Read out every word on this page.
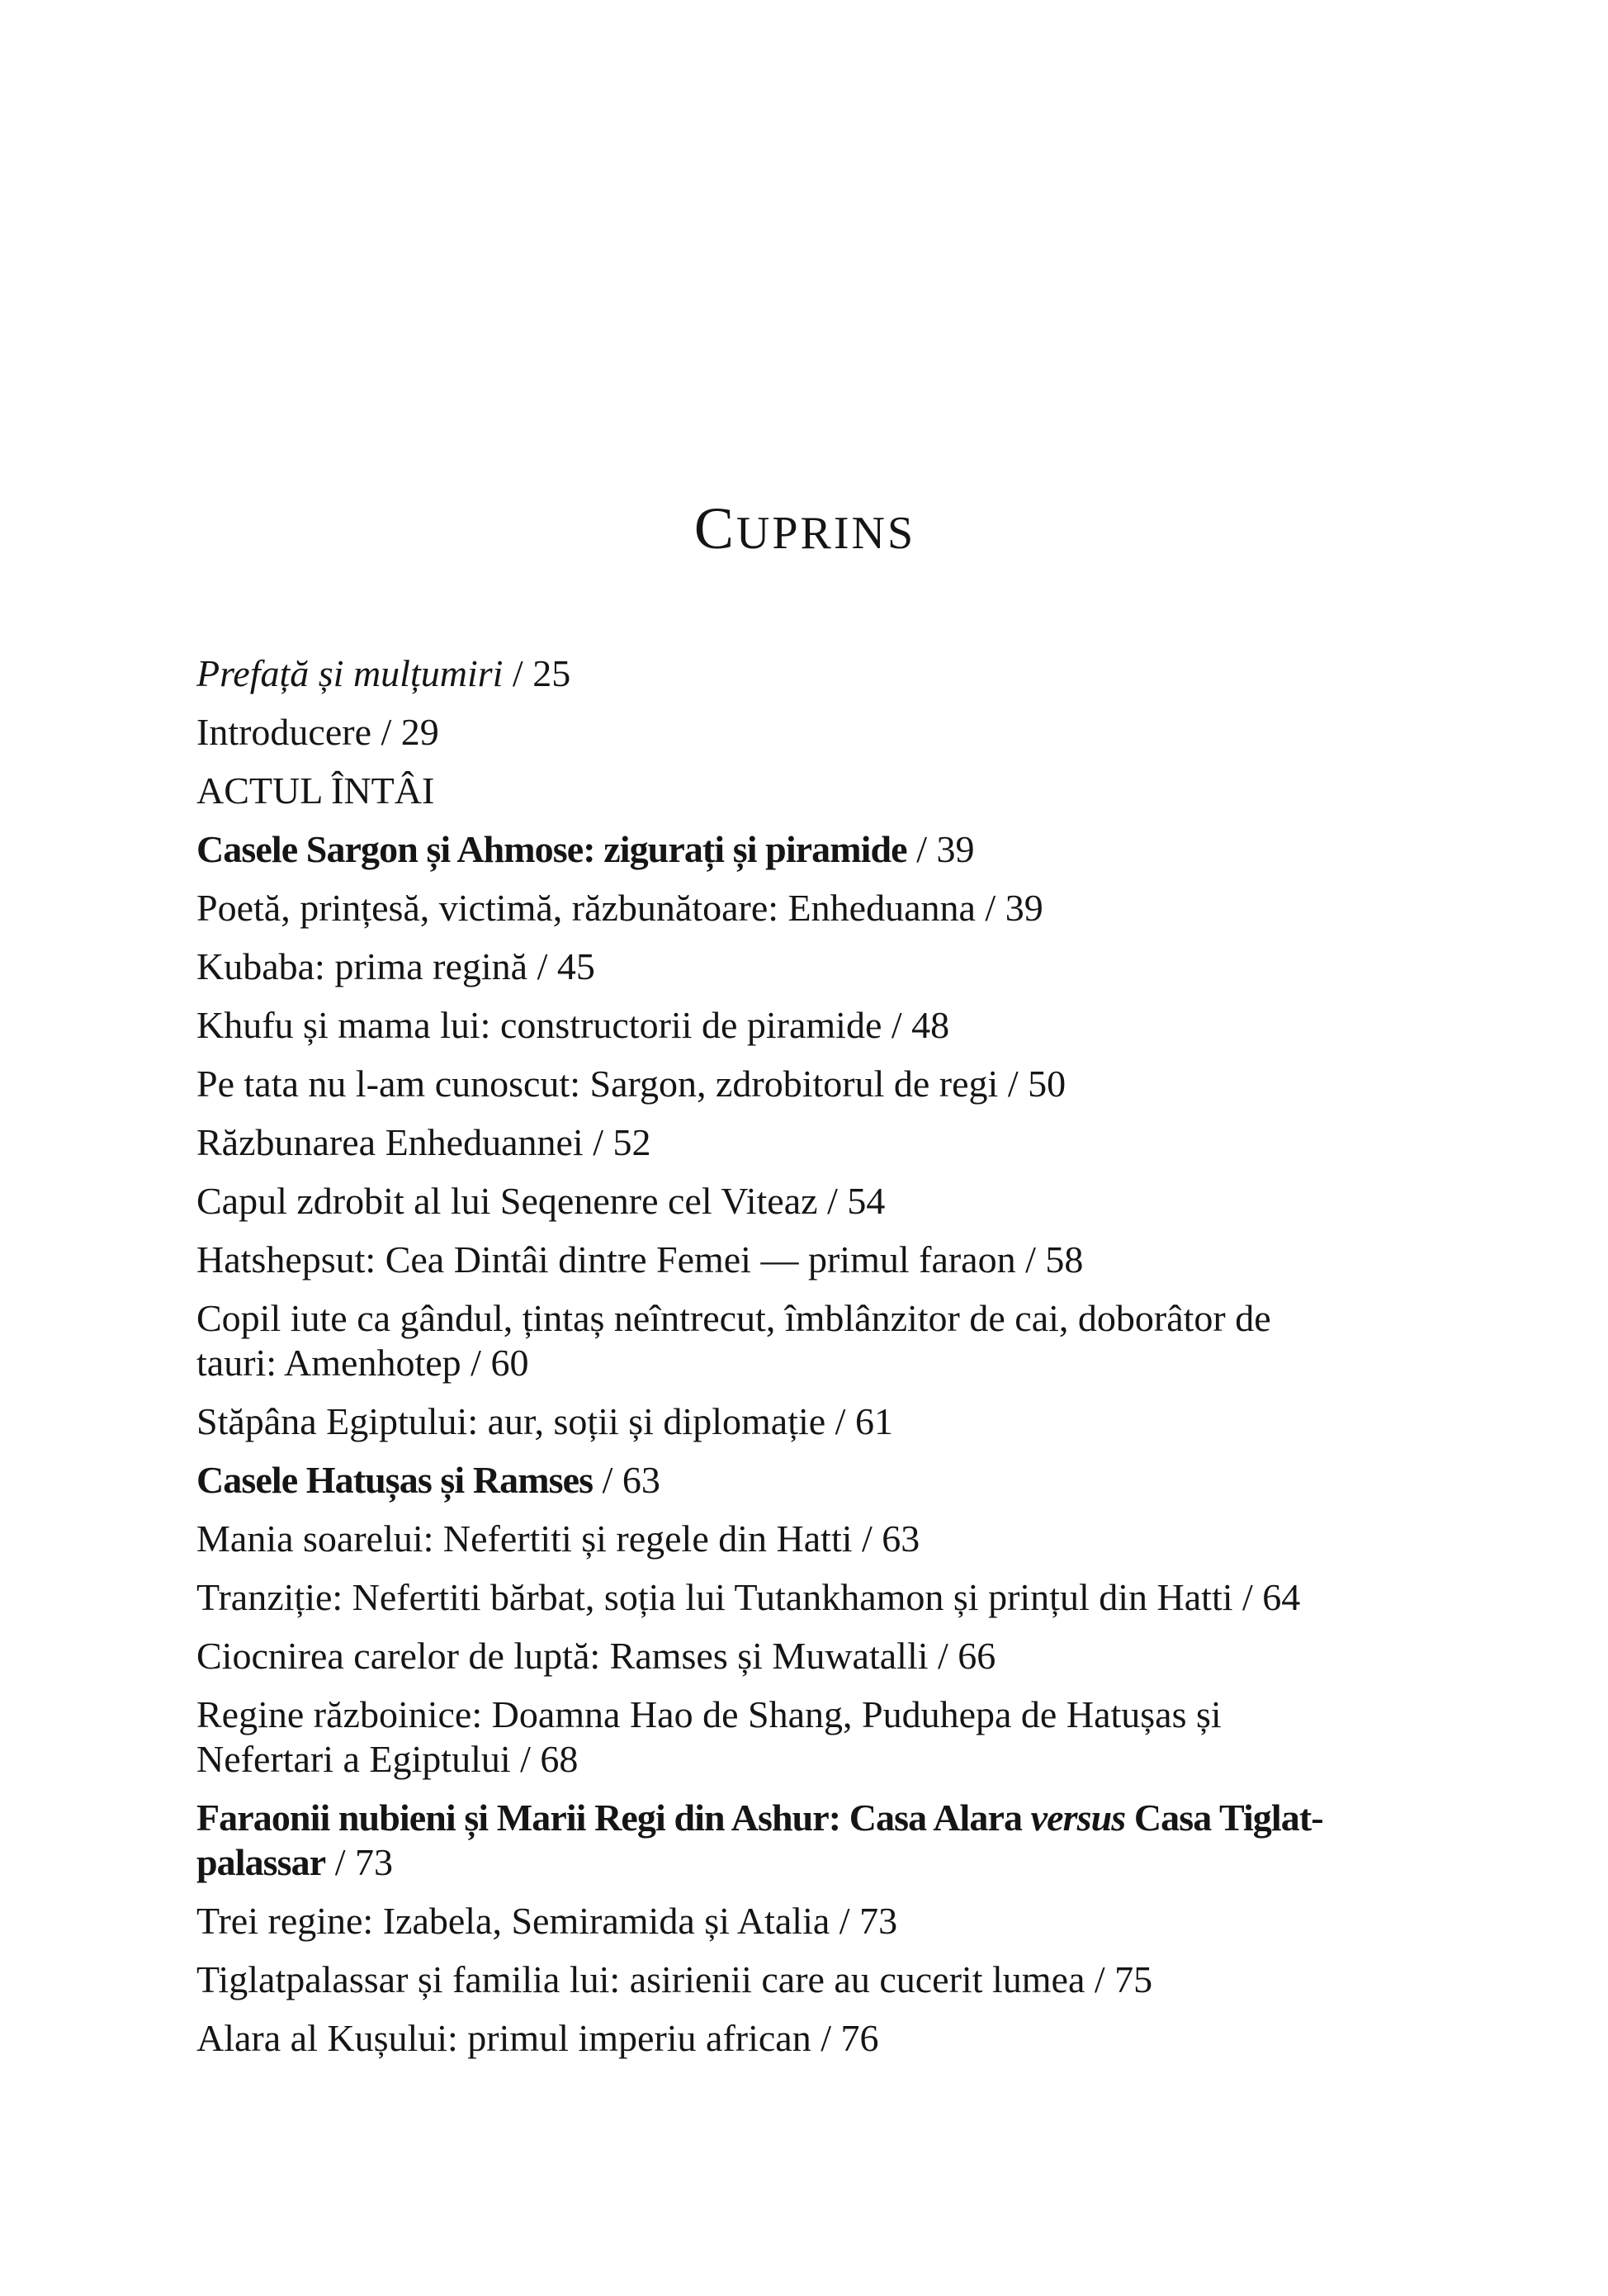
CUPRINS

Prefață și mulțumiri / 25

Introducere / 29

ACTUL ÎNTÂI

Casele Sargon și Ahmose: zigurați și piramide / 39

Poetă, prințesă, victimă, răzbunătoare: Enheduanna / 39

Kubaba: prima regină / 45

Khufu și mama lui: constructorii de piramide / 48

Pe tata nu l-am cunoscut: Sargon, zdrobitorul de regi / 50

Răzbunarea Enheduannei / 52

Capul zdrobit al lui Seqenenre cel Viteaz / 54

Hatshepsut: Cea Dintâi dintre Femei — primul faraon / 58

Copil iute ca gândul, țintaș neîntrecut, îmblânzitor de cai, doborâtor de
tauri: Amenhotep / 60

Stăpâna Egiptului: aur, soții și diplomație / 61

Casele Hatușas și Ramses / 63

Mania soarelui: Nefertiti și regele din Hatti / 63

Tranziție: Nefertiti bărbat, soția lui Tutankhamon și prințul din Hatti / 64

Ciocnirea carelor de luptă: Ramses și Muwatalli / 66

Regine războinice: Doamna Hao de Shang, Puduhepa de Hatușas și
Nefertari a Egiptului / 68

Faraonii nubieni și Marii Regi din Ashur: Casa Alara versus Casa Tiglat-
palassar / 73

Trei regine: Izabela, Semiramida și Atalia / 73

Tiglatpalassar și familia lui: asirienii care au cucerit lumea / 75

Alara al Kușului: primul imperiu african / 76
